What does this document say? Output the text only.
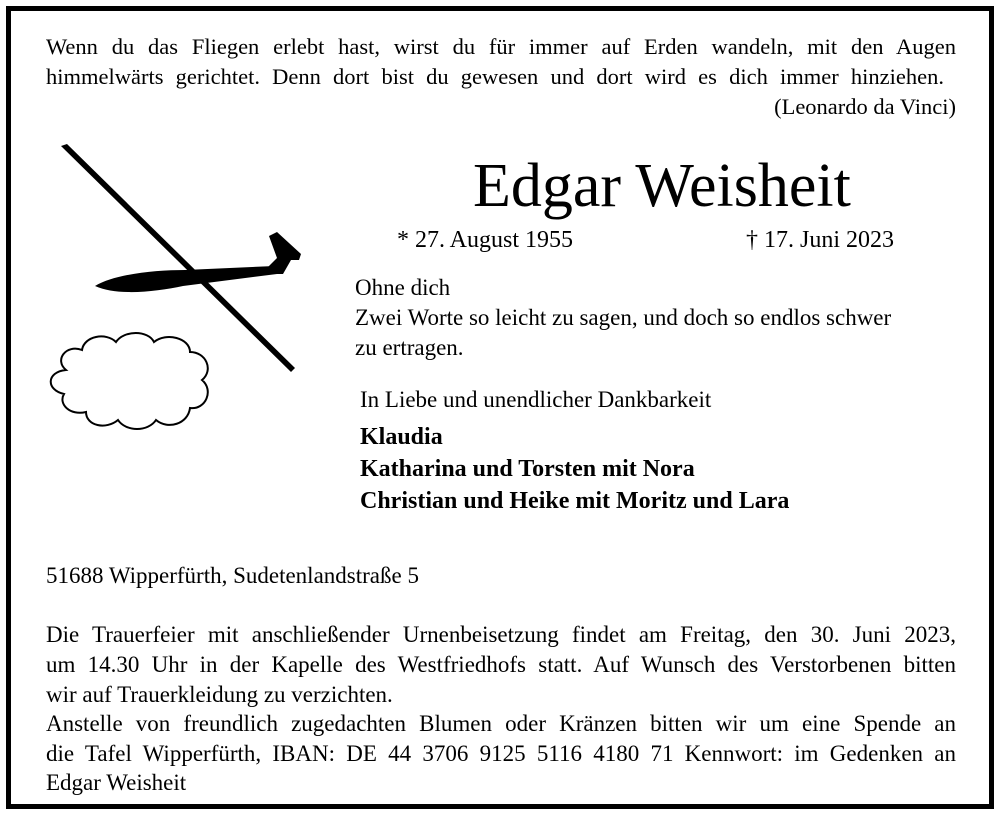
Wenn du das Fliegen erlebt hast, wirst du für immer auf Erden wandeln, mit den Augen
himmelwärts gerichtet. Denn dort bist du gewesen und dort wird es dich immer hinziehen.
(Leonardo da Vinci)
Edgar Weisheit
* 27. August 1955	† 17. Juni 2023
Ohne dich
Zwei Worte so leicht zu sagen, und doch so endlos schwer
zu ertragen.
In Liebe und unendlicher Dankbarkeit
Klaudia
Katharina und Torsten mit Nora
Christian und Heike mit Moritz und Lara
51688 Wipperfürth, Sudetenlandstraße 5
Die Trauerfeier mit anschließender Urnenbeisetzung findet am Freitag, den 30. Juni 2023,
um 14.30 Uhr in der Kapelle des Westfriedhofs statt. Auf Wunsch des Verstorbenen bitten
wir auf Trauerkleidung zu verzichten.
Anstelle von freundlich zugedachten Blumen oder Kränzen bitten wir um eine Spende an
die Tafel Wipperfürth, IBAN: DE 44 3706 9125 5116 4180 71 Kennwort: im Gedenken an
Edgar Weisheit
